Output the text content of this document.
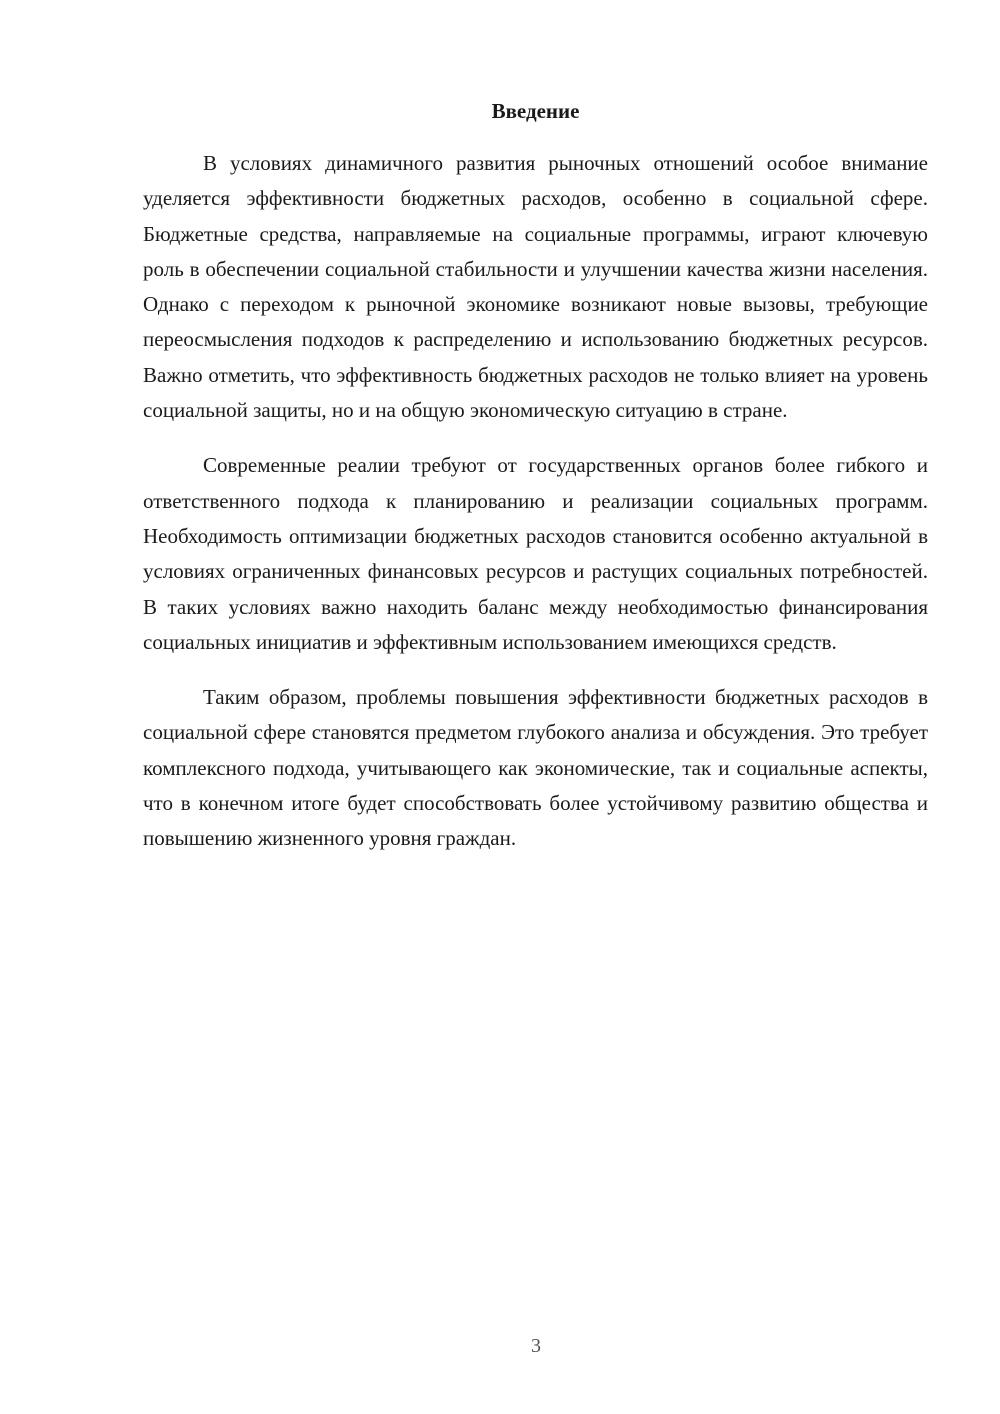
Введение

В условиях динамичного развития рыночных отношений особое внимание уделяется эффективности бюджетных расходов, особенно в социальной сфере. Бюджетные средства, направляемые на социальные программы, играют ключевую роль в обеспечении социальной стабильности и улучшении качества жизни населения. Однако с переходом к рыночной экономике возникают новые вызовы, требующие переосмысления подходов к распределению и использованию бюджетных ресурсов. Важно отметить, что эффективность бюджетных расходов не только влияет на уровень социальной защиты, но и на общую экономическую ситуацию в стране.

Современные реалии требуют от государственных органов более гибкого и ответственного подхода к планированию и реализации социальных программ. Необходимость оптимизации бюджетных расходов становится особенно актуальной в условиях ограниченных финансовых ресурсов и растущих социальных потребностей. В таких условиях важно находить баланс между необходимостью финансирования социальных инициатив и эффективным использованием имеющихся средств.

Таким образом, проблемы повышения эффективности бюджетных расходов в социальной сфере становятся предметом глубокого анализа и обсуждения. Это требует комплексного подхода, учитывающего как экономические, так и социальные аспекты, что в конечном итоге будет способствовать более устойчивому развитию общества и повышению жизненного уровня граждан.

3
